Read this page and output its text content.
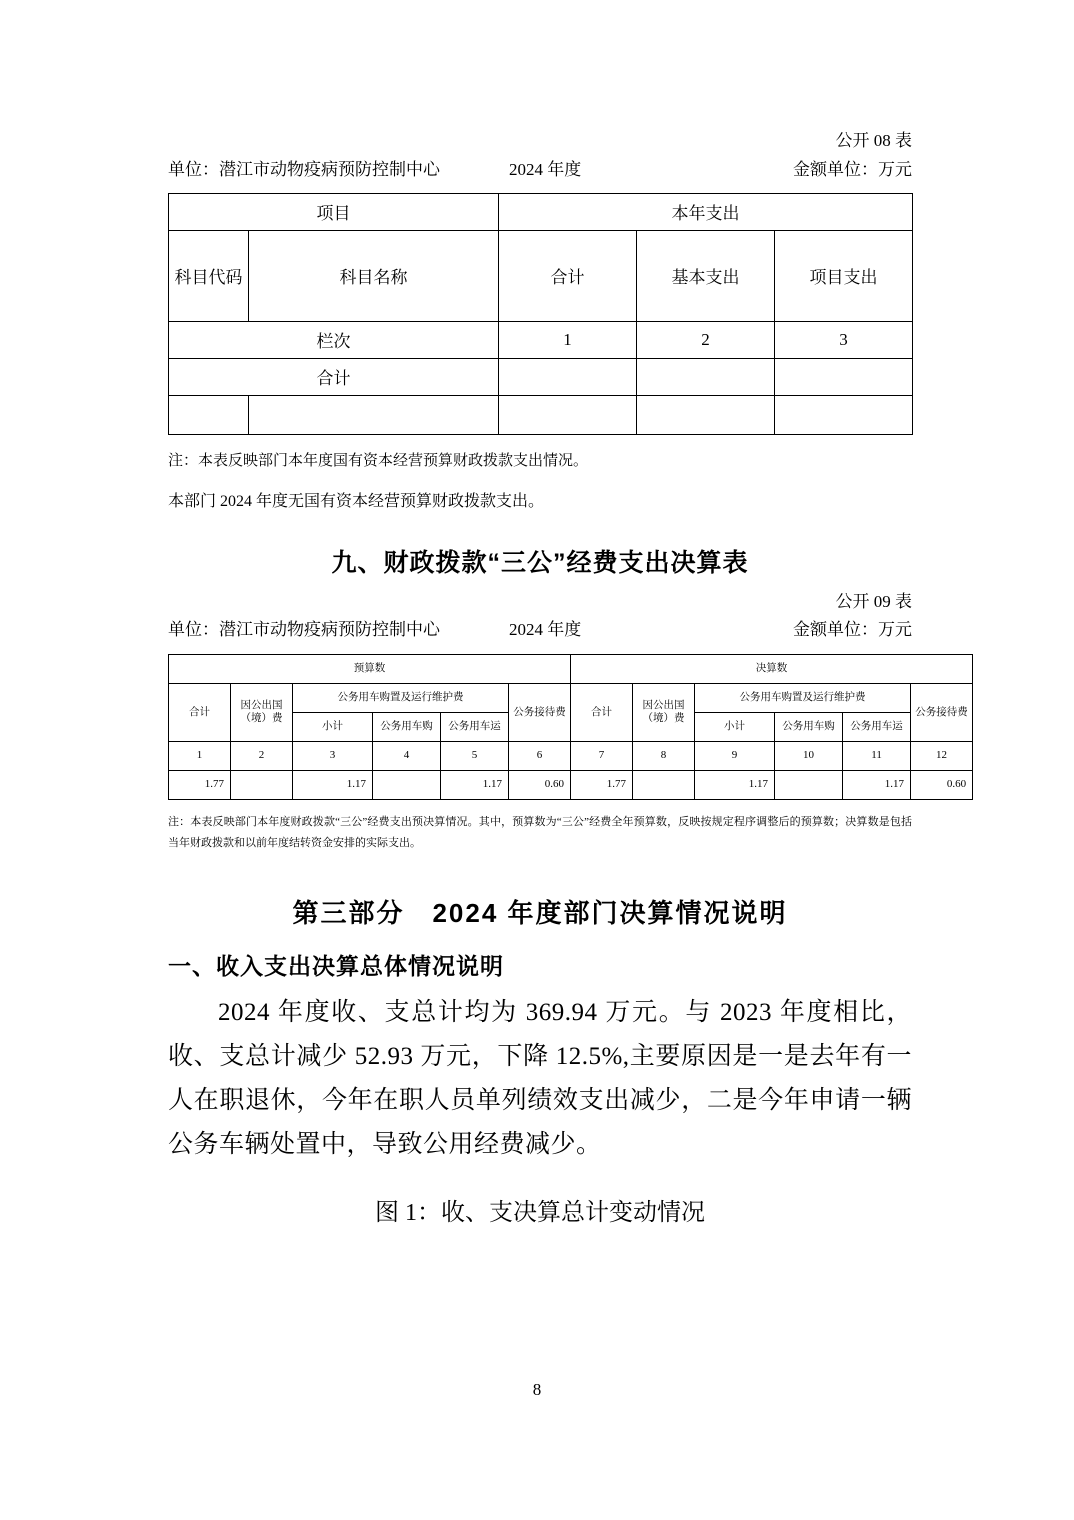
公开 08 表
单位：潜江市动物疫病预防控制中心	2024 年度	金额单位：万元
项目		本年支出		
科目代码	科目名称	合计	基本支出	项目支出
栏次		1	2	3
合计				

注：本表反映部门本年度国有资本经营预算财政拨款支出情况。
本部门 2024 年度无国有资本经营预算财政拨款支出。
九、财政拨款“三公”经费支出决算表
公开 09 表
单位：潜江市动物疫病预防控制中心	2024 年度	金额单位：万元
预算数						决算数					
合计	因公出国（境）费	公务用车购置及运行维护费			公务接待费	合计	因公出国（境）费	公务用车购置及运行维护费			公务接待费
		小计	公务用车购	公务用车运				小计	公务用车购	公务用车运	
1	2	3	4	5	6	7	8	9	10	11	12
1.77		1.17		1.17	0.60	1.77		1.17		1.17	0.60
注：本表反映部门本年度财政拨款“三公”经费支出预决算情况。其中，预算数为“三公”经费全年预算数，反映按规定程序调整后的预算数；决算数是包括当年财政拨款和以前年度结转资金安排的实际支出。
第三部分　2024 年度部门决算情况说明
一、收入支出决算总体情况说明

2024 年度收、支总计均为 369.94 万元。与 2023 年度相比，收、支总计减少 52.93 万元，下降 12.5%,主要原因是一是去年有一人在职退休，今年在职人员单列绩效支出减少，二是今年申请一辆公务车辆处置中，导致公用经费减少。

图 1：收、支决算总计变动情况
8
